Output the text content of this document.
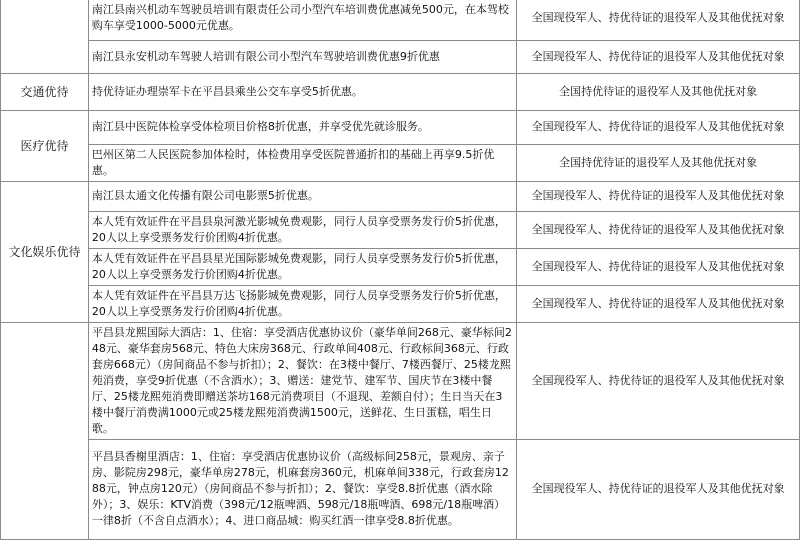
	南江县南兴机动车驾驶员培训有限责任公司小型汽车培训费优惠减免500元，在本驾校购车享受1000-5000元优惠。	全国现役军人、持优待证的退役军人及其他优抚对象

	南江县永安机动车驾驶人培训有限公司小型汽车驾驶培训费优惠9折优惠	全国现役军人、持优待证的退役军人及其他优抚对象
交通优待	持优待证办理崇军卡在平昌县乘坐公交车享受5折优惠。	全国持优待证的退役军人及其他优抚对象
医疗优待	南江县中医院体检享受体检项目价格8折优惠，并享受优先就诊服务。	全国现役军人、持优待证的退役军人及其他优抚对象

	巴州区第二人民医院参加体检时，体检费用享受医院普通折扣的基础上再享9.5折优惠。	全国持优待证的退役军人及其他优抚对象
文化娱乐优待	南江县太通文化传播有限公司电影票5折优惠。	全国现役军人、持优待证的退役军人及其他优抚对象

	本人凭有效证件在平昌县泉河激光影城免费观影，同行人员享受票务发行价5折优惠，20人以上享受票务发行价团购4折优惠。	全国现役军人、持优待证的退役军人及其他优抚对象

	本人凭有效证件在平昌县星光国际影城免费观影，同行人员享受票务发行价5折优惠，20人以上享受票务发行价团购4折优惠。	全国现役军人、持优待证的退役军人及其他优抚对象

	本人凭有效证件在平昌县万达飞扬影城免费观影，同行人员享受票务发行价5折优惠，20人以上享受票务发行价团购4折优惠。	全国现役军人、持优待证的退役军人及其他优抚对象

	平昌县龙熙国际大酒店：1、住宿：享受酒店优惠协议价（豪华单间268元、豪华标间248元、豪华套房568元、特色大床房368元、行政单间408元、行政标间368元、行政套房668元）（房间商品不参与折扣）；2、餐饮：在3楼中餐厅、7楼西餐厅、25楼龙熙苑消费，享受9折优惠（不含酒水）；3、赠送：建党节、建军节、国庆节在3楼中餐厅、25楼龙熙苑消费即赠送茶坊168元消费项目（不退现、差额自付）；生日当天在3楼中餐厅消费满1000元或25楼龙熙苑消费满1500元，送鲜花、生日蛋糕，唱生日歌。	全国现役军人、持优待证的退役军人及其他优抚对象

	平昌县香榭里酒店：1、住宿：享受酒店优惠协议价（高级标间258元，景观房、亲子房、影院房298元，豪华单房278元，机麻套房360元，机麻单间338元，行政套房1288元，钟点房120元）（房间商品不参与折扣）；2、餐饮：享受8.8折优惠（酒水除外）；3、娱乐：KTV消费（398元/12瓶啤酒、598元/18瓶啤酒、698元/18瓶啤酒）一律8折（不含自点酒水）；4、进口商品城：购买红酒一律享受8.8折优惠。	全国现役军人、持优待证的退役军人及其他优抚对象
